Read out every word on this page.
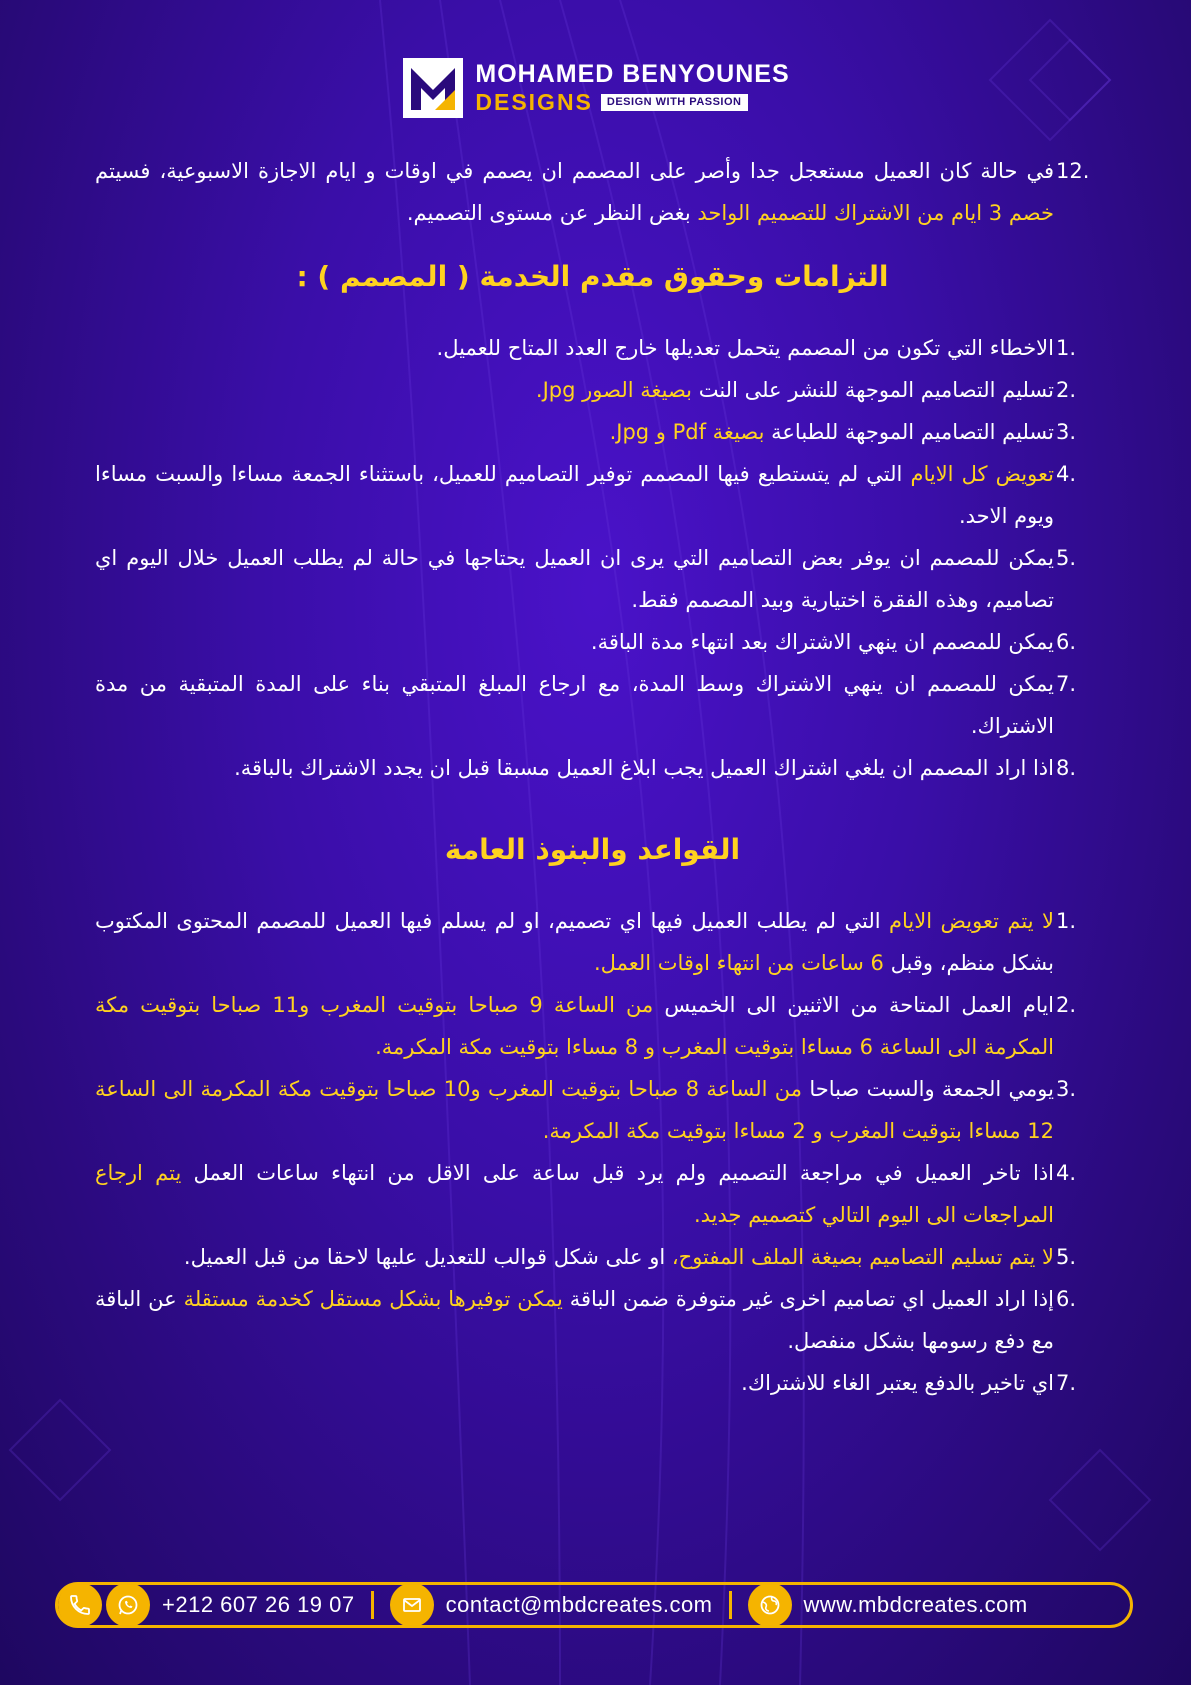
MOHAMED BENYOUNES
DESIGNS	DESIGN WITH PASSION
12.
في حالة كان العميل مستعجل جدا وأصر على المصمم ان يصمم في اوقات و ايام الاجازة الاسبوعية، فسيتم خصم 3 ايام من الاشتراك للتصميم الواحد بغض النظر عن مستوى التصميم.
التزامات وحقوق مقدم الخدمة ( المصمم ) :
1.
الاخطاء التي تكون من المصمم يتحمل تعديلها خارج العدد المتاح للعميل.
2.
تسليم التصاميم الموجهة للنشر على النت بصيغة الصور Jpg.
3.
تسليم التصاميم الموجهة للطباعة بصيغة Pdf و Jpg.
4.
تعويض كل الايام التي لم يتستطيع فيها المصمم توفير التصاميم للعميل، باستثناء الجمعة مساءا والسبت مساءا ويوم الاحد.
5.
يمكن للمصمم ان يوفر بعض التصاميم التي يرى ان العميل يحتاجها في حالة لم يطلب العميل خلال اليوم اي تصاميم، وهذه الفقرة اختيارية وبيد المصمم فقط.
6.
يمكن للمصمم ان ينهي الاشتراك بعد انتهاء مدة الباقة.
7.
يمكن للمصمم ان ينهي الاشتراك وسط المدة، مع ارجاع المبلغ المتبقي بناء على المدة المتبقية من مدة الاشتراك.
8.
اذا اراد المصمم ان يلغي اشتراك العميل يجب ابلاغ العميل مسبقا قبل ان يجدد الاشتراك بالباقة.
القواعد والبنوذ العامة
1.
لا يتم تعويض الايام التي لم يطلب العميل فيها اي تصميم، او لم يسلم فيها العميل للمصمم المحتوى المكتوب بشكل منظم، وقبل 6 ساعات من انتهاء اوقات العمل.
2.
ايام العمل المتاحة من الاثنين الى الخميس من الساعة 9 صباحا بتوقيت المغرب و11 صباحا بتوقيت مكة المكرمة الى الساعة 6 مساءا بتوقيت المغرب و 8 مساءا بتوقيت مكة المكرمة.
3.
يومي الجمعة والسبت صباحا من الساعة 8 صباحا بتوقيت المغرب و10 صباحا بتوقيت مكة المكرمة الى الساعة 12 مساءا بتوقيت المغرب و 2 مساءا بتوقيت مكة المكرمة.
4.
اذا تاخر العميل في مراجعة التصميم ولم يرد قبل ساعة على الاقل من انتهاء ساعات العمل يتم ارجاع المراجعات الى اليوم التالي كتصميم جديد.
5.
لا يتم تسليم التصاميم بصيغة الملف المفتوح، او على شكل قوالب للتعديل عليها لاحقا من قبل العميل.
6.
إذا اراد العميل اي تصاميم اخرى غير متوفرة ضمن الباقة يمكن توفيرها بشكل مستقل كخدمة مستقلة عن الباقة مع دفع رسومها بشكل منفصل.
7.
اي تاخير بالدفع يعتبر الغاء للاشتراك.
+212 607 26 19 07	contact@mbdcreates.com	www.mbdcreates.com
